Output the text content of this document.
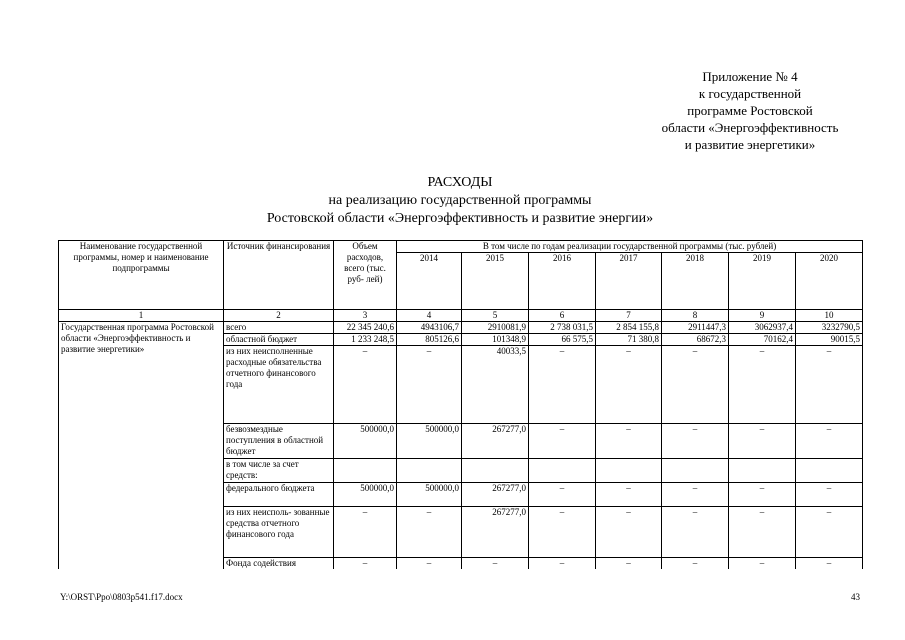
Приложение № 4
к государственной
программе Ростовской
области «Энергоэффективность
и развитие энергетики»
РАСХОДЫ
на реализацию государственной программы
Ростовской области «Энергоэффективность и развитие энергии»
Наименование государственной программы, номер и наименование подпрограммы	Источник финансирования	Объем расходов, всего (тыс. руб- лей)	В том числе по годам реализации государственной программы (тыс. рублей)						
			2014	2015	2016	2017	2018	2019	2020
1	2	3	4	5	6	7	8	9	10
Государственная программа Ростовской области «Энергоэффективность и развитие энергетики»	всего	22 345 240,6	4943106,7	2910081,9	2 738 031,5	2 854 155,8	2911447,3	3062937,4	3232790,5
	областной бюджет	1 233 248,5	805126,6	101348,9	66 575,5	71 380,8	68672,3	70162,4	90015,5
	из них неисполненные расходные обязательства отчетного финансового года	–	–	40033,5	–	–	–	–	–
	безвозмездные поступления в областной бюджет	500000,0	500000,0	267277,0	–	–	–	–	–
	в том числе за счет средств:								
	федерального бюджета	500000,0	500000,0	267277,0	–	–	–	–	–
	из них неисполь- зованные средства отчетного финансового года	–	–	267277,0	–	–	–	–	–
	Фонда содействия	–	–	–	–	–	–	–	–
Y:\ORST\Ppo\0803p541.f17.docx	43
